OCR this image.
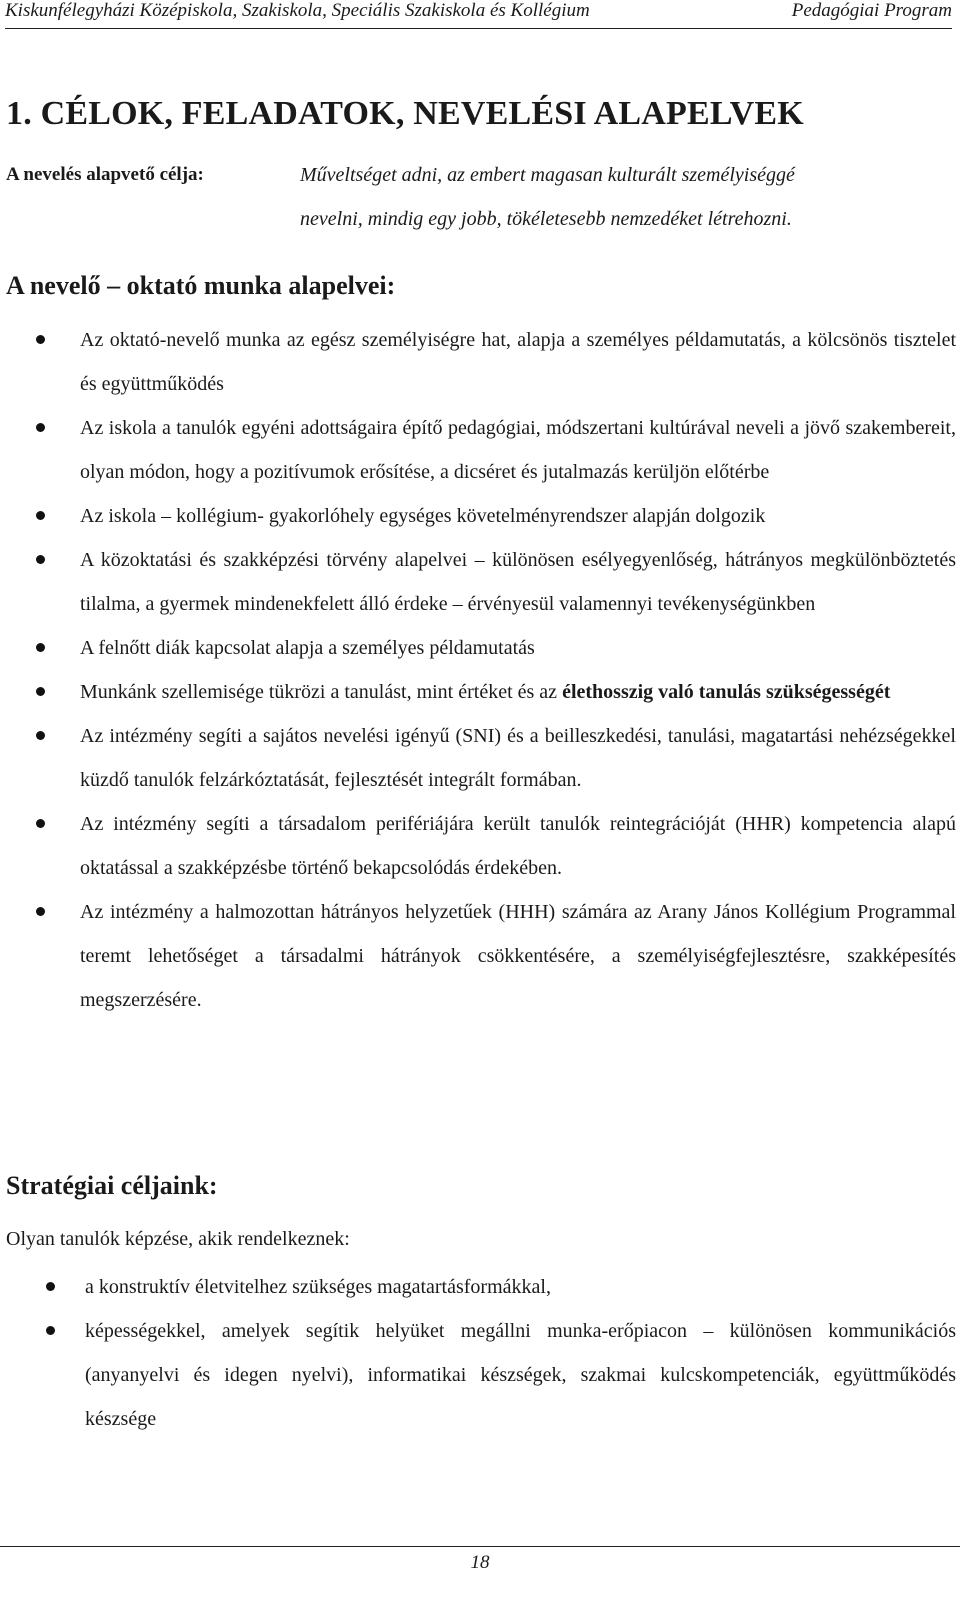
Kiskunfélegyházi Középiskola, Szakiskola, Speciális Szakiskola és Kollégium	Pedagógiai Program
1. CÉLOK, FELADATOK, NEVELÉSI ALAPELVEK
A nevelés alapvető célja:	Műveltséget adni, az embert magasan kulturált személyiséggé
nevelni, mindig egy jobb, tökéletesebb nemzedéket létrehozni.
A nevelő – oktató munka alapelvei:
Az oktató-nevelő munka az egész személyiségre hat, alapja a személyes példamutatás, a kölcsönös tisztelet és együttműködés
Az iskola a tanulók egyéni adottságaira építő pedagógiai, módszertani kultúrával neveli a jövő szakembereit, olyan módon, hogy a pozitívumok erősítése, a dicséret és jutalmazás kerüljön előtérbe
Az iskola – kollégium- gyakorlóhely egységes követelményrendszer alapján dolgozik
A közoktatási és szakképzési törvény alapelvei – különösen esélyegyenlőség, hátrányos megkülönböztetés tilalma, a gyermek mindenekfelett álló érdeke – érvényesül valamennyi tevékenységünkben
A felnőtt diák kapcsolat alapja a személyes példamutatás
Munkánk szellemisége tükrözi a tanulást, mint értéket és az élethosszig való tanulás szükségességét
Az intézmény segíti a sajátos nevelési igényű (SNI) és a beilleszkedési, tanulási, magatartási nehézségekkel küzdő tanulók felzárkóztatását, fejlesztését integrált formában.
Az intézmény segíti a társadalom perifériájára került tanulók reintegrációját (HHR) kompetencia alapú oktatással a szakképzésbe történő bekapcsolódás érdekében.
Az intézmény a halmozottan hátrányos helyzetűek (HHH) számára az Arany János Kollégium Programmal teremt lehetőséget a társadalmi hátrányok csökkentésére, a személyiségfejlesztésre, szakképesítés megszerzésére.
Stratégiai céljaink:
Olyan tanulók képzése, akik rendelkeznek:
a konstruktív életvitelhez szükséges magatartásformákkal,
képességekkel, amelyek segítik helyüket megállni munka-erőpiacon – különösen kommunikációs (anyanyelvi és idegen nyelvi), informatikai készségek, szakmai kulcskompetenciák, együttműködés készsége
18
